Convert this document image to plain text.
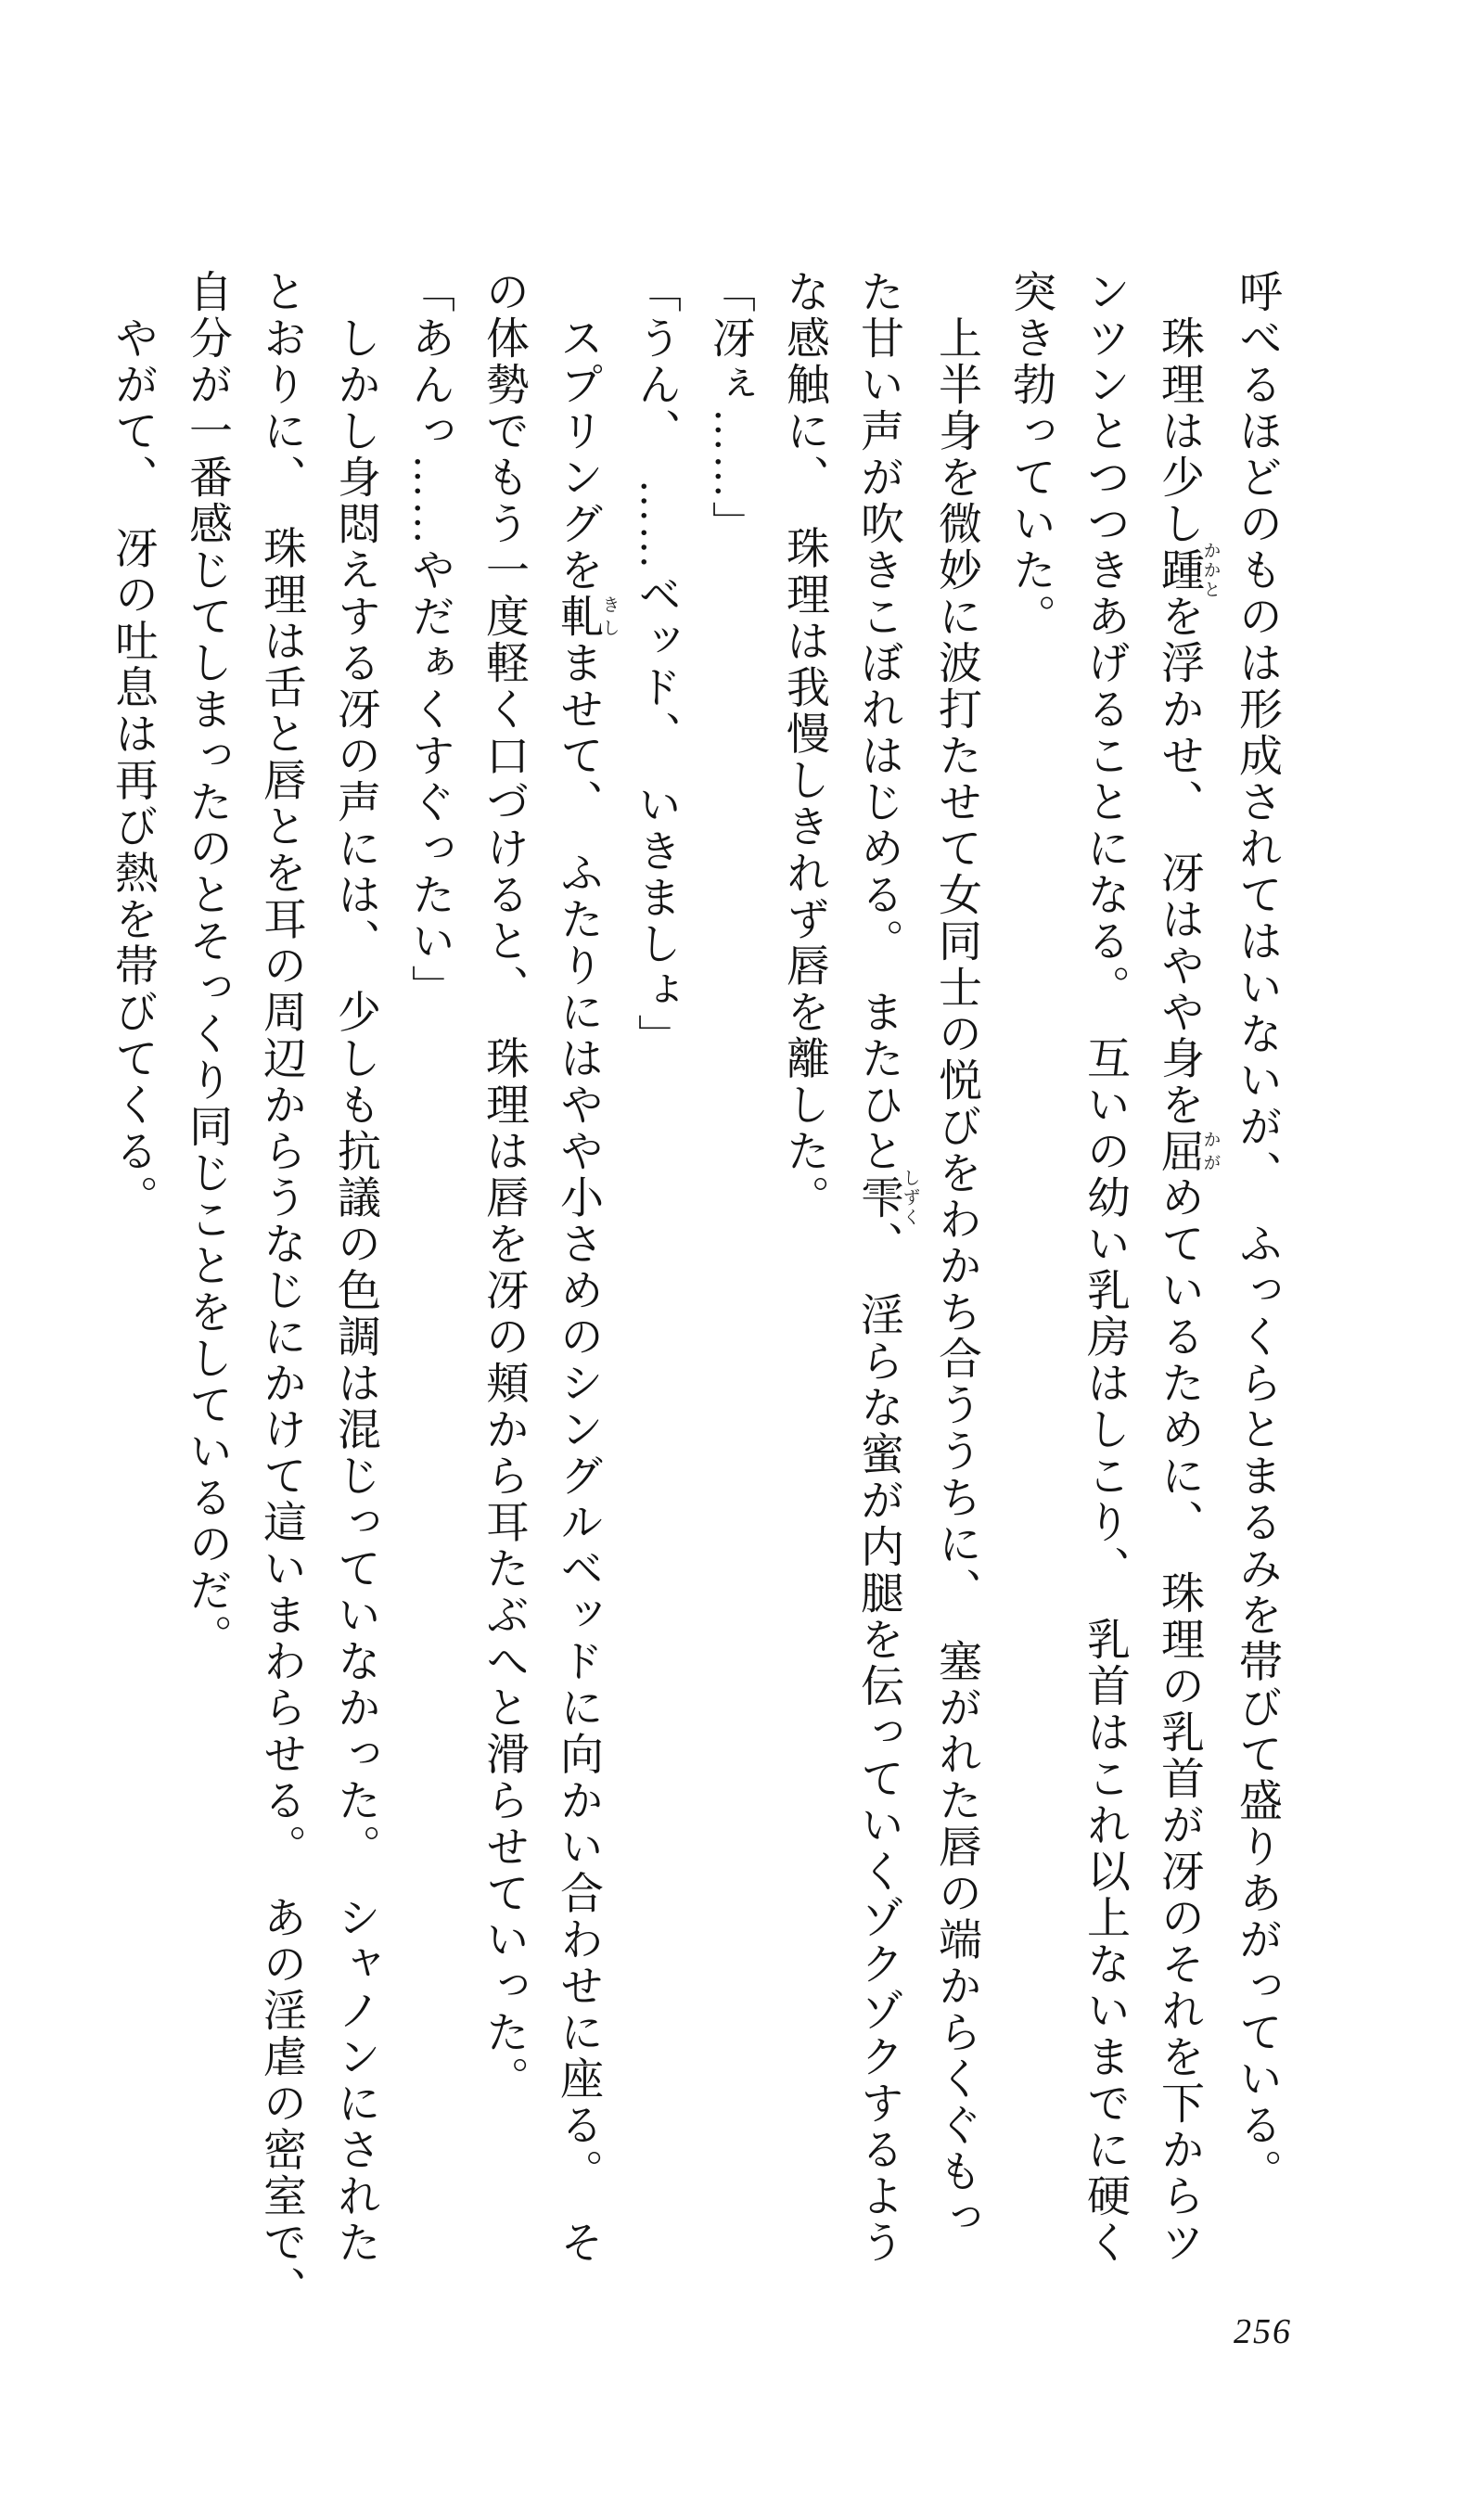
呼べるほどのものは形成されてはいないが、　ふっくらとまるみを帯びて盛りあがっている。

　珠理は少し踵かかとを浮かせ、　冴はやや身を屈かがめているために、　珠理の乳首が冴のそれを下からツ

ンツンとつつきあげることになる。　互いの幼い乳房はしこり、　乳首はこれ以上ないまでに硬く

突き勃っていた。

　上半身を微妙に波打たせて女同士の悦びをわかち合ううちに、　塞がれた唇の端からくぐもっ

た甘い声が吹きこぼれはじめる。　またひと雫しずく、　淫らな蜜が内腿を伝っていくゾクゾクするよう

な感触に、　珠理は我慢しきれず唇を離した。

「冴ぇ……」

「うん、　……ベッド、　いきましょ」

　スプリングを軋きしませて、　ふたりにはやや小さめのシングルベッドに向かい合わせに座る。　そ

の体勢でもう一度軽く口づけると、　珠理は唇を冴の頬から耳たぶへと滑らせていった。

「あんっ……やだぁくすぐったい」

　しかし身悶えする冴の声には、　少しも抗議の色調は混じっていなかった。　シャノンにされた

とおりに、　珠理は舌と唇とを耳の周辺からうなじにかけて這いまわらせる。　あの淫虐の密室で、

自分が一番感じてしまったのとそっくり同じことをしているのだ。

　やがて、　冴の吐息は再び熱を帯びてくる。

256
